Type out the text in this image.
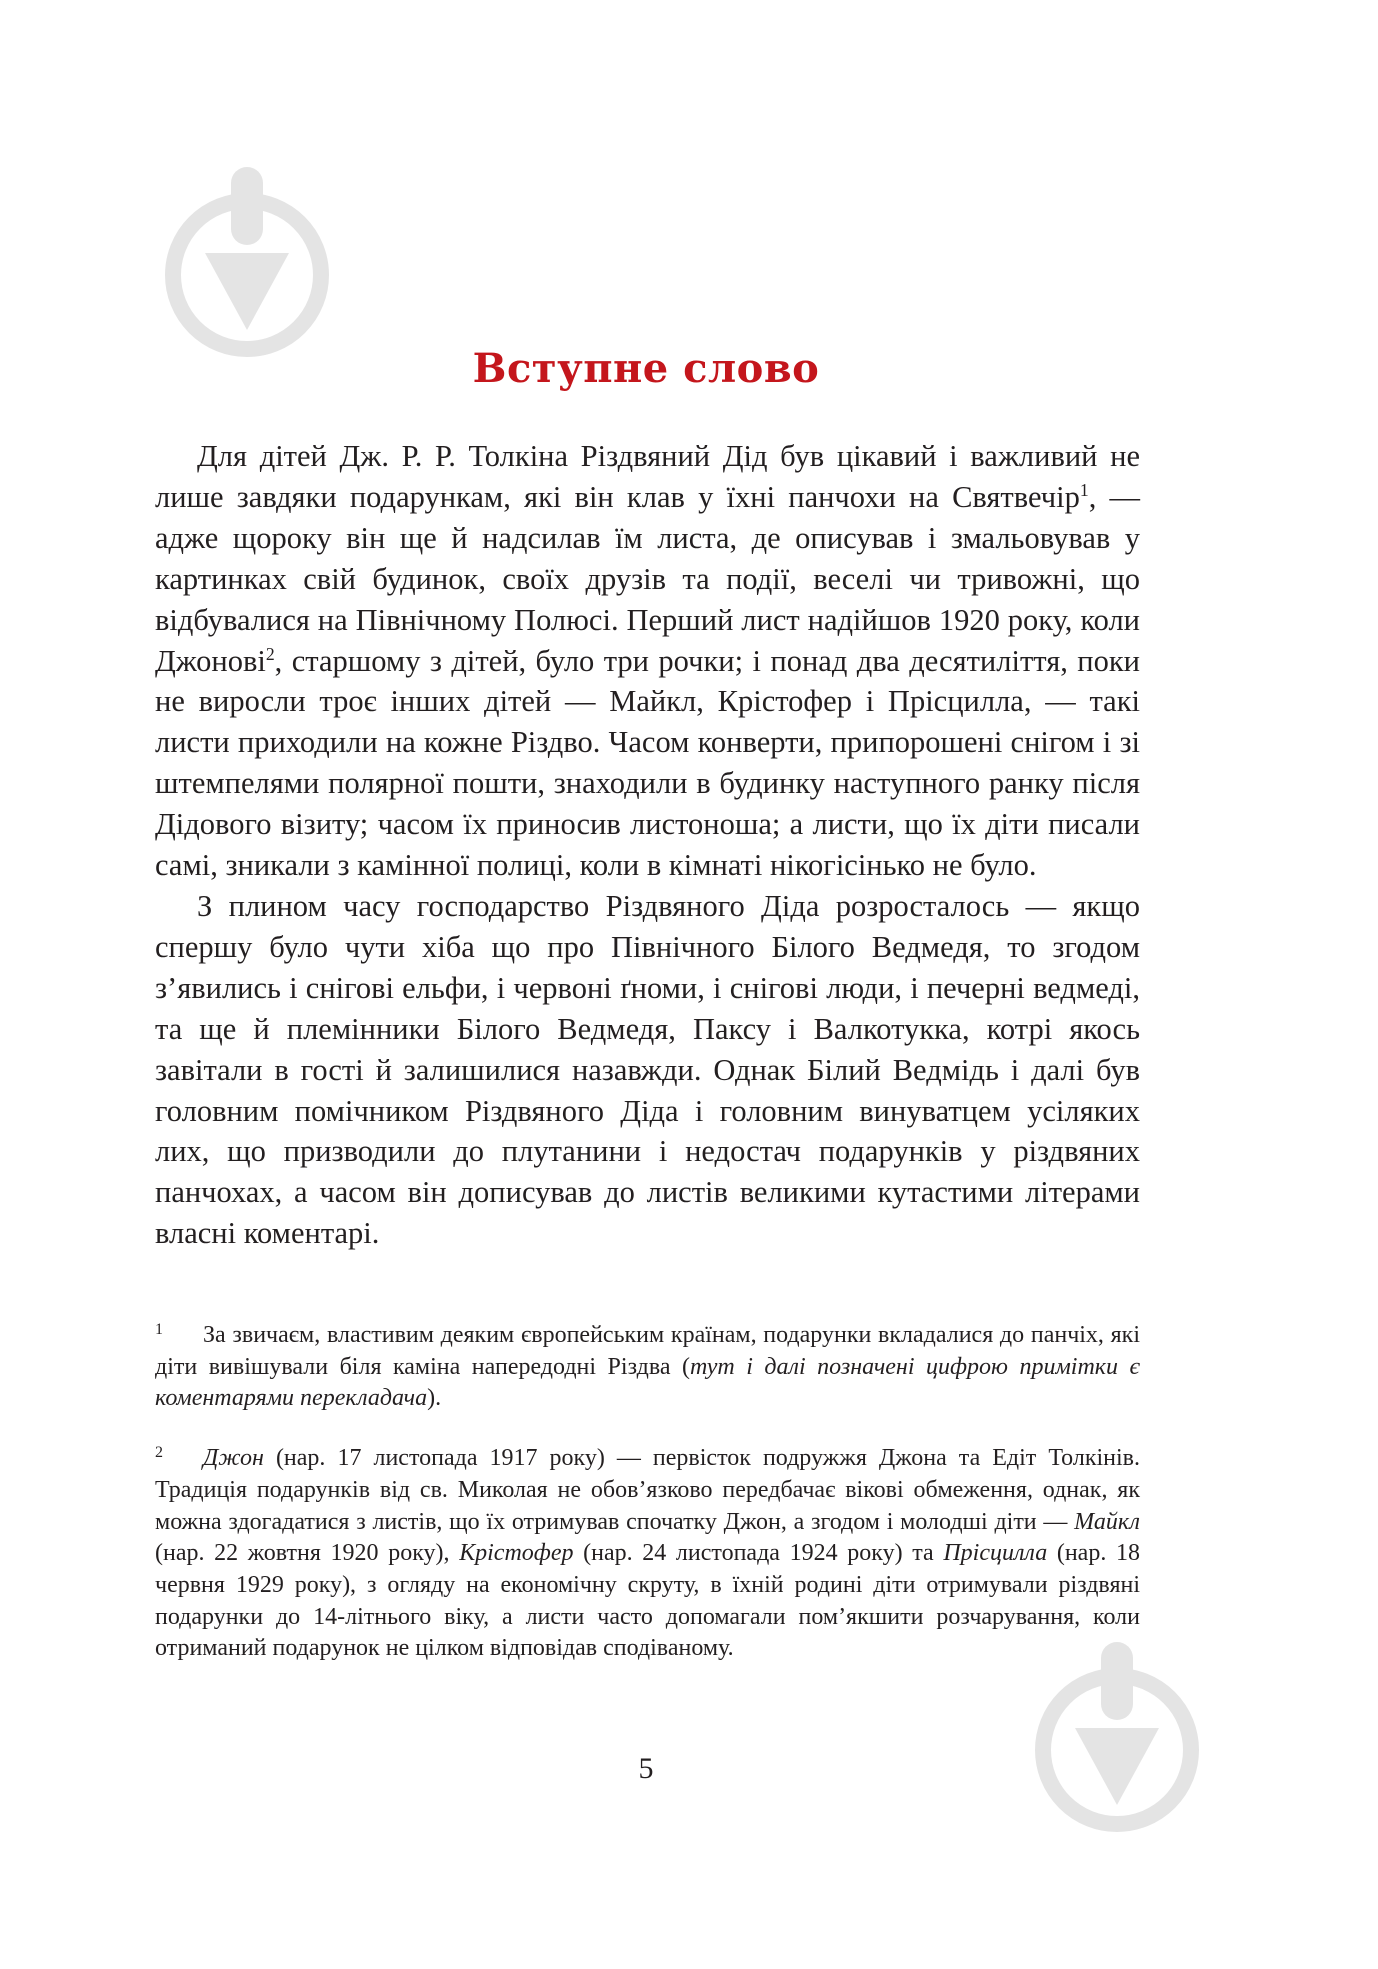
Вступне слово

Для дітей Дж. Р. Р. Толкіна Різдвяний Дід був цікавий і важливий не лише завдяки подарункам, які він клав у їхні панчохи на Святвечір$^1$, — адже щороку він ще й надсилав їм листа, де описував і змальовував у картинках свій будинок, своїх друзів та події, веселі чи тривожні, що відбувалися на Північному Полюсі. Перший лист надійшов 1920 року, коли Джонові$^2$, старшому з дітей, було три рочки; і понад два десятиліття, поки не виросли троє інших дітей — Майкл, Крістофер і Прісцилла, — такі листи приходили на кожне Різдво. Часом конверти, припорошені снігом і зі штемпелями полярної пошти, знаходили в будинку наступного ранку після Дідового візиту; часом їх приносив листоноша; а листи, що їх діти писали самі, зникали з камінної полиці, коли в кімнаті нікогісінько не було.

З плином часу господарство Різдвяного Діда розросталось — якщо спершу було чути хіба що про Північного Білого Ведмедя, то згодом з’явились і снігові ельфи, і червоні ґноми, і снігові люди, і печерні ведмеді, та ще й племінники Білого Ведмедя, Паксу і Валкотукка, котрі якось завітали в гості й залишилися назавжди. Однак Білий Ведмідь і далі був головним помічником Різдвяного Діда і головним винуватцем усіляких лих, що призводили до плутанини і недостач подарунків у різдвяних панчохах, а часом він дописував до листів великими кутастими літерами власні коментарі.

1 За звичаєм, властивим деяким європейським країнам, подарунки вкладалися до панчіх, які діти вивішували біля каміна напередодні Різдва (тут і далі позначені цифрою примітки є коментарями перекладача).

2 Джон (нар. 17 листопада 1917 року) — первісток подружжя Джона та Едіт Толкінів. Традиція подарунків від св. Миколая не обов’язково передбачає вікові обмеження, однак, як можна здогадатися з листів, що їх отримував спочатку Джон, а згодом і молодші діти — Майкл (нар. 22 жовтня 1920 року), Крістофер (нар. 24 листопада 1924 року) та Прісцилла (нар. 18 червня 1929 року), з огляду на економічну скруту, в їхній родині діти отримували різдвяні подарунки до 14-літнього віку, а листи часто допомагали пом’якшити розчарування, коли отриманий подарунок не цілком відповідав сподіваному.

5
